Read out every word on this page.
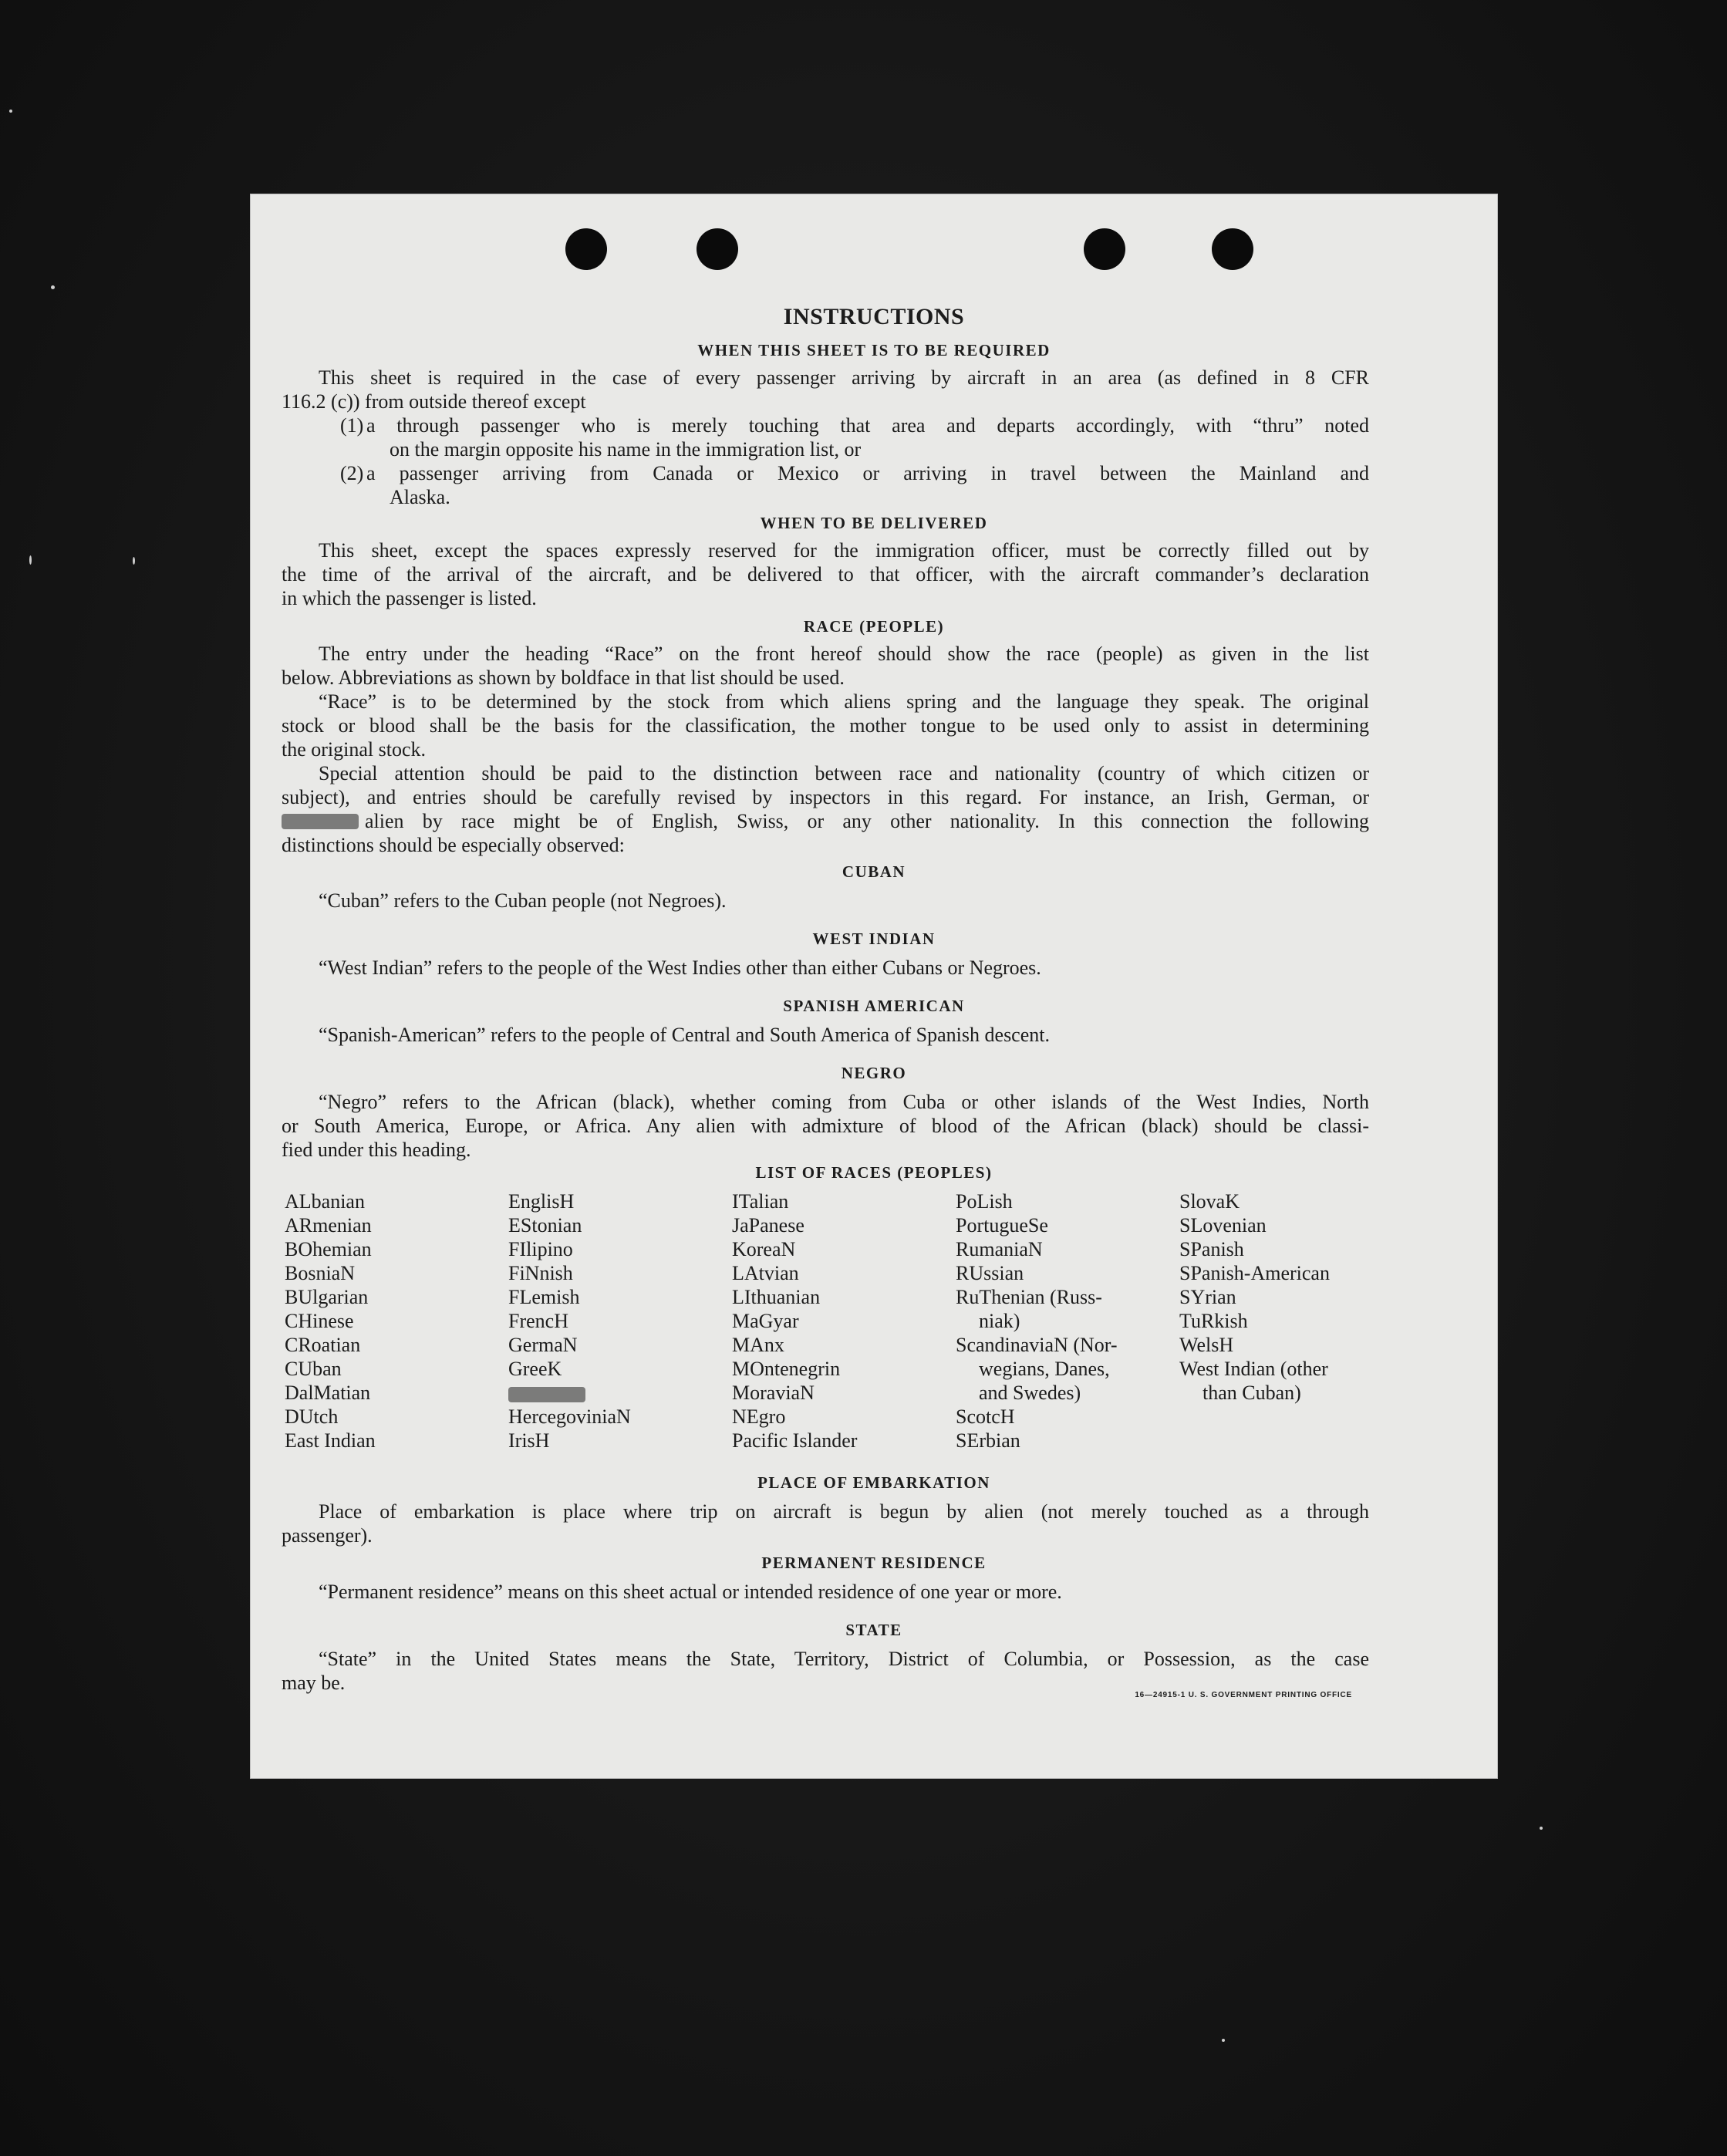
INSTRUCTIONS
WHEN THIS SHEET IS TO BE REQUIRED
This sheet is required in the case of every passenger arriving by aircraft in an area (as defined in 8 CFR
116.2 (c)) from outside thereof except
(1) a through passenger who is merely touching that area and departs accordingly, with “thru” noted
on the margin opposite his name in the immigration list, or
(2) a passenger arriving from Canada or Mexico or arriving in travel between the Mainland and
Alaska.
WHEN TO BE DELIVERED
This sheet, except the spaces expressly reserved for the immigration officer, must be correctly filled out by
the time of the arrival of the aircraft, and be delivered to that officer, with the aircraft commander’s declaration
in which the passenger is listed.
RACE (PEOPLE)
The entry under the heading “Race” on the front hereof should show the race (people) as given in the list
below. Abbreviations as shown by boldface in that list should be used.
“Race” is to be determined by the stock from which aliens spring and the language they speak. The original
stock or blood shall be the basis for the classification, the mother tongue to be used only to assist in determining
the original stock.
Special attention should be paid to the distinction between race and nationality (country of which citizen or
subject), and entries should be carefully revised by inspectors in this regard. For instance, an Irish, German, or
alien by race might be of English, Swiss, or any other nationality. In this connection the following
distinctions should be especially observed:
CUBAN
“Cuban” refers to the Cuban people (not Negroes).
WEST INDIAN
“West Indian” refers to the people of the West Indies other than either Cubans or Negroes.
SPANISH AMERICAN
“Spanish-American” refers to the people of Central and South America of Spanish descent.
NEGRO
“Negro” refers to the African (black), whether coming from Cuba or other islands of the West Indies, North
or South America, Europe, or Africa. Any alien with admixture of blood of the African (black) should be classi-
fied under this heading.
LIST OF RACES (PEOPLES)
ALbanian
ARmenian
BOhemian
BosniaN
BUlgarian
CHinese
CRoatian
CUban
DalMatian
DUtch
East Indian
EnglisH
EStonian
FIlipino
FiNnish
FLemish
FrencH
GermaN
GreeK
HercegoviniaN
IrisH
ITalian
JaPanese
KoreaN
LAtvian
LIthuanian
MaGyar
MAnx
MOntenegrin
MoraviaN
NEgro
Pacific Islander
PoLish
PortugueSe
RumaniaN
RUssian
RuThenian (Russ-
niak)
ScandinaviaN (Nor-
wegians, Danes,
and Swedes)
ScotcH
SErbian
SlovaK
SLovenian
SPanish
SPanish-American
SYrian
TuRkish
WelsH
West Indian (other
than Cuban)
PLACE OF EMBARKATION
Place of embarkation is place where trip on aircraft is begun by alien (not merely touched as a through
passenger).
PERMANENT RESIDENCE
“Permanent residence” means on this sheet actual or intended residence of one year or more.
STATE
“State” in the United States means the State, Territory, District of Columbia, or Possession, as the case
may be.
16—24915-1 U. S. GOVERNMENT PRINTING OFFICE
